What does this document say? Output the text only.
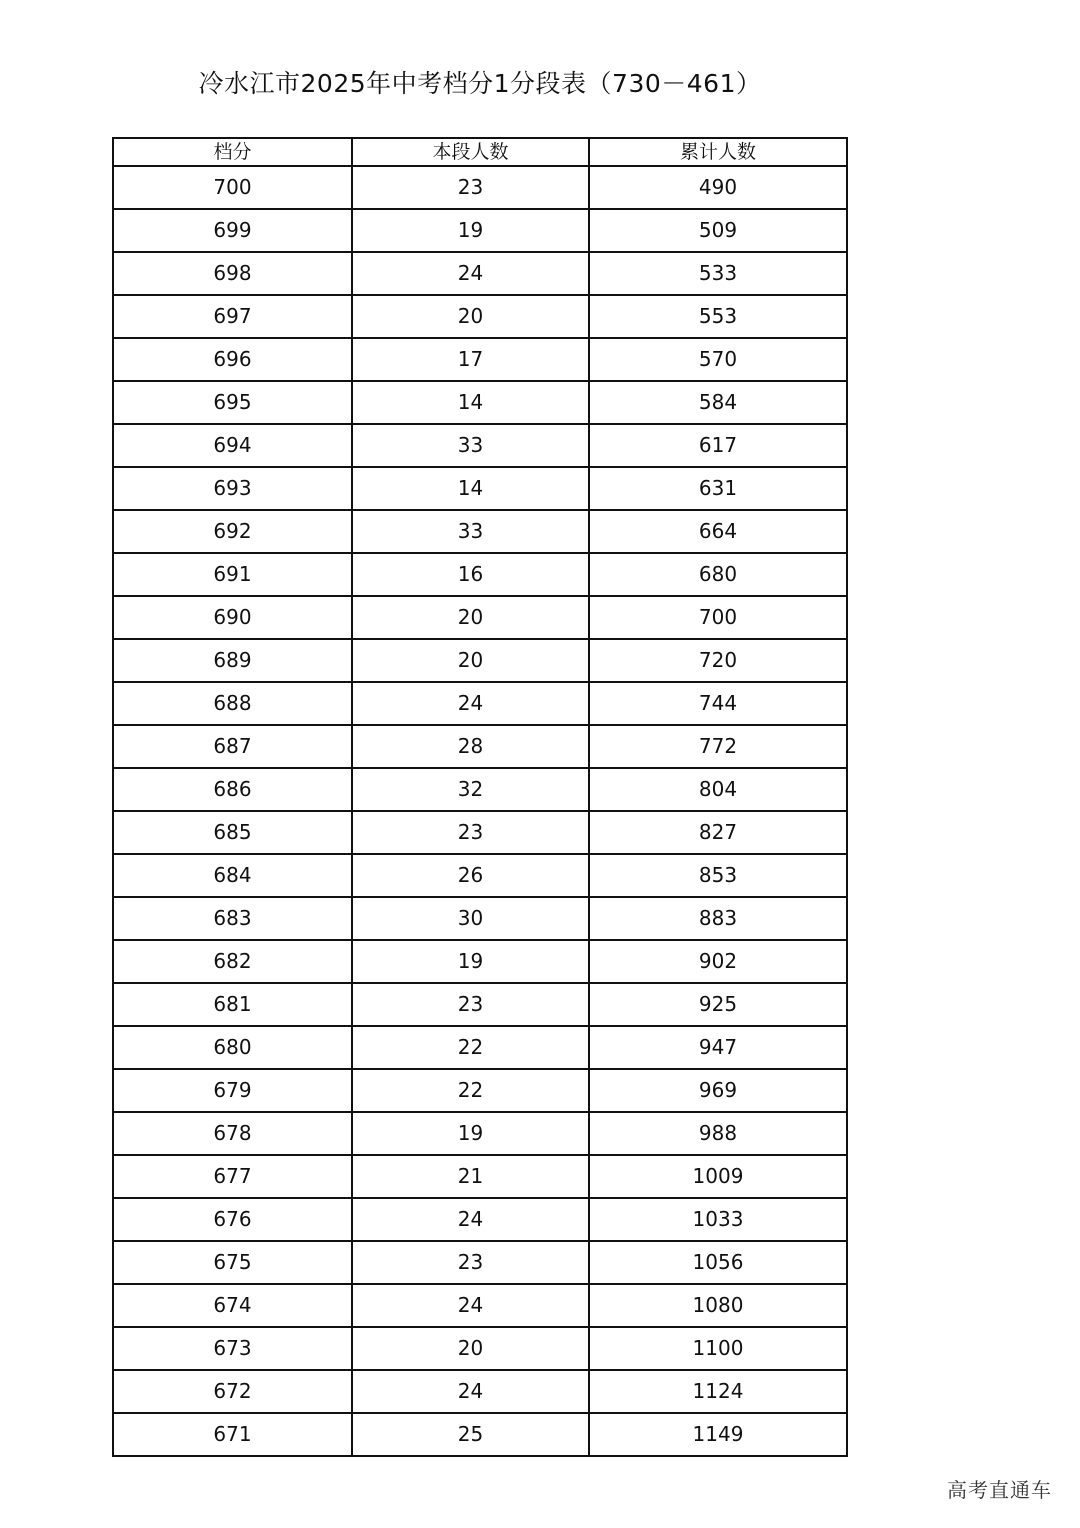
冷水江市2025年中考档分1分段表（730－461）
档分	本段人数	累计人数
700	23	490
699	19	509
698	24	533
697	20	553
696	17	570
695	14	584
694	33	617
693	14	631
692	33	664
691	16	680
690	20	700
689	20	720
688	24	744
687	28	772
686	32	804
685	23	827
684	26	853
683	30	883
682	19	902
681	23	925
680	22	947
679	22	969
678	19	988
677	21	1009
676	24	1033
675	23	1056
674	24	1080
673	20	1100
672	24	1124
671	25	1149
高考直通车
